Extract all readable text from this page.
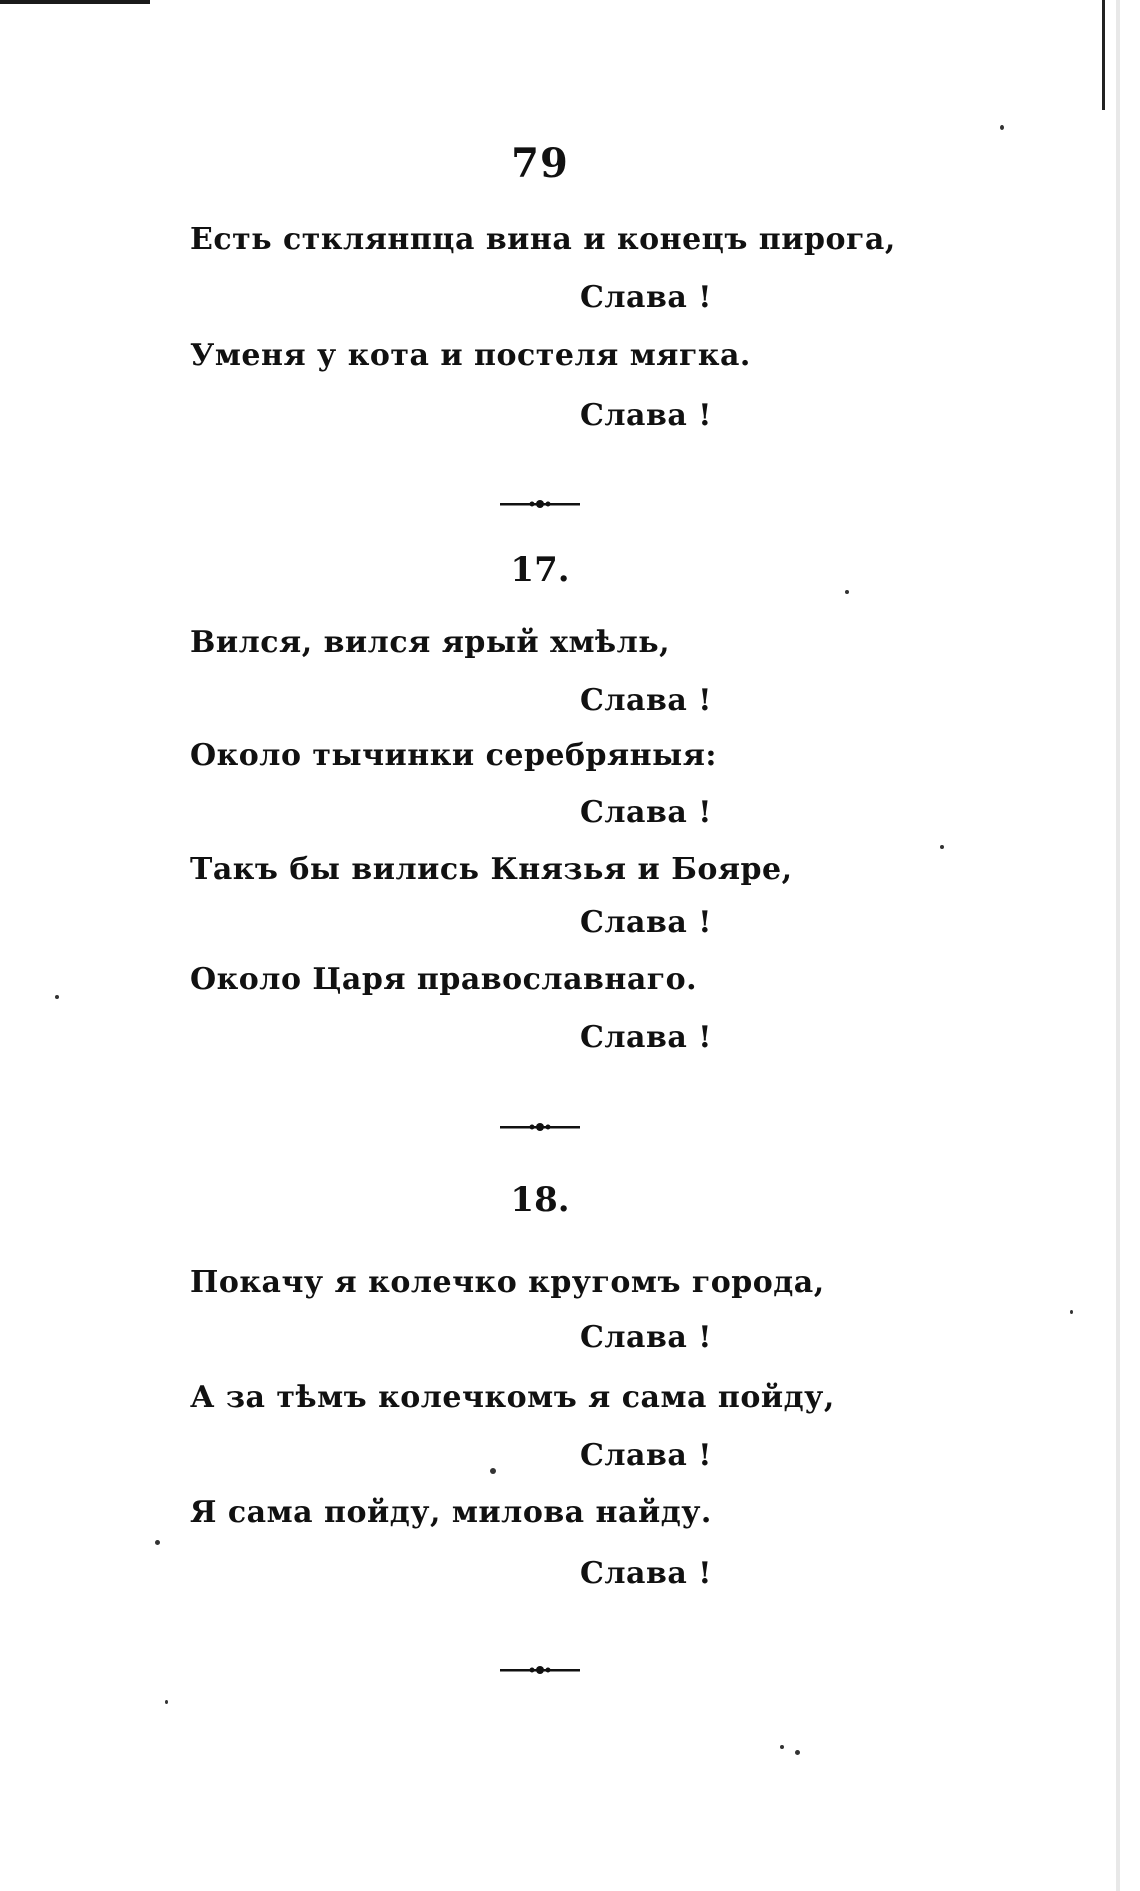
79
Есть стклянпца вина и конецъ пирога,
Слава !
Уменя у кота и постеля мягка.
Слава !
17.
Вился, вился ярый хмѣль,
Слава !
Около тычинки серебряныя:
Слава !
Такъ бы вились Князья и Бояре,
Слава !
Около Царя православнаго.
Слава !
18.
Покачу я колечко кругомъ города,
Слава !
А за тѣмъ колечкомъ я сама пойду,
Слава !
Я сама пойду, милова найду.
Слава !
